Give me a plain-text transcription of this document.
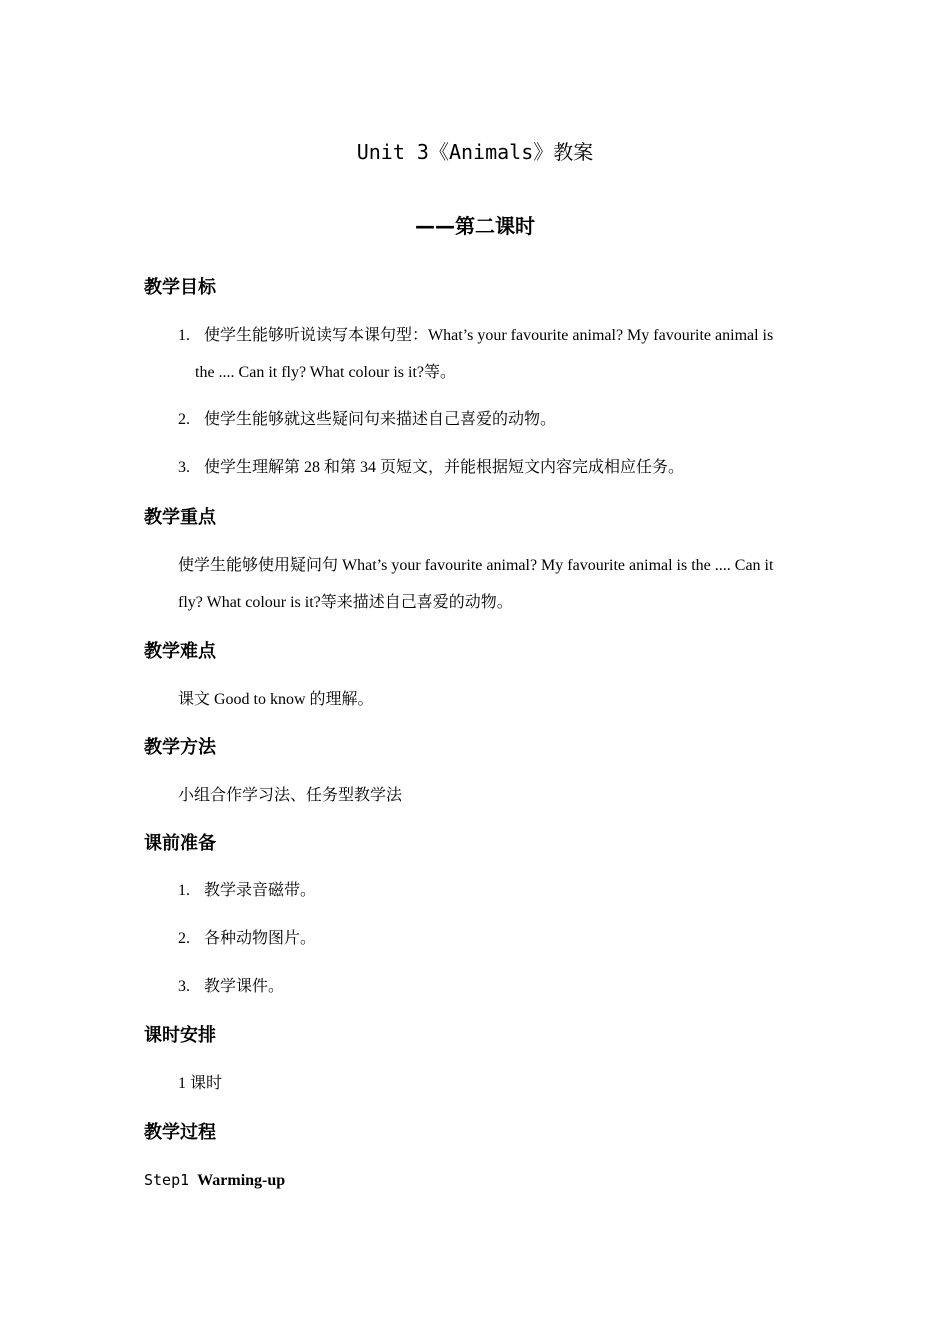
Unit 3《Animals》教案
——第二课时
教学目标
1. 使学生能够听说读写本课句型：What’s your favourite animal? My favourite animal is
the .... Can it fly? What colour is it?等。
2. 使学生能够就这些疑问句来描述自己喜爱的动物。
3. 使学生理解第 28 和第 34 页短文，并能根据短文内容完成相应任务。
教学重点
使学生能够使用疑问句 What’s your favourite animal? My favourite animal is the .... Can it
fly? What colour is it?等来描述自己喜爱的动物。
教学难点
课文 Good to know 的理解。
教学方法
小组合作学习法、任务型教学法
课前准备
1. 教学录音磁带。
2. 各种动物图片。
3. 教学课件。
课时安排
1 课时
教学过程
Step1 Warming-up
